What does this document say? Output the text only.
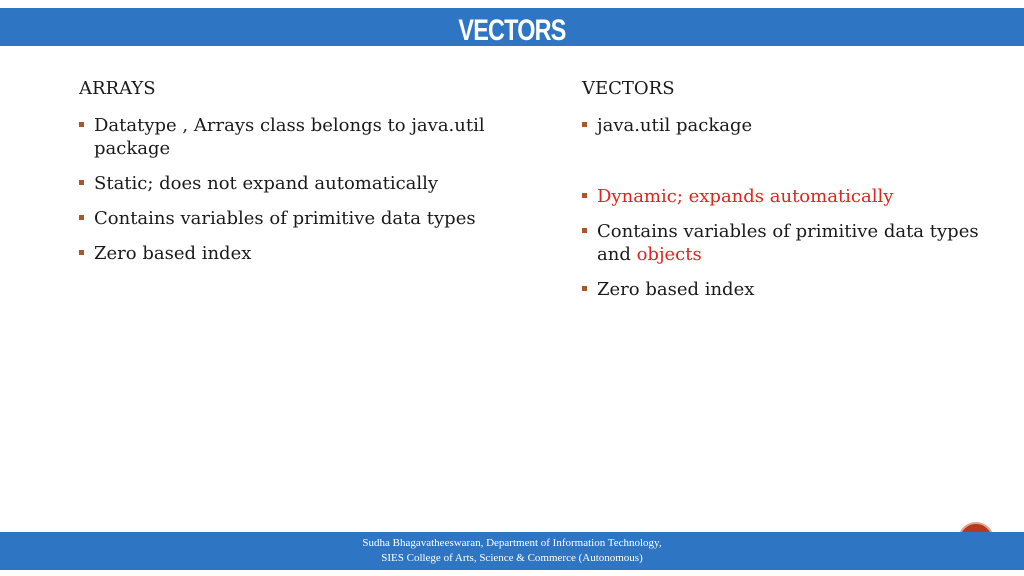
VECTORS
ARRAYS
Datatype , Arrays class belongs to java.util package
Static; does not expand automatically
Contains variables of primitive data types
Zero based index
VECTORS
java.util package
Dynamic; expands automatically
Contains variables of primitive data types and objects
Zero based index
Sudha Bhagavatheeswaran, Department of Information Technology,
SIES College of Arts, Science & Commerce (Autonomous)
